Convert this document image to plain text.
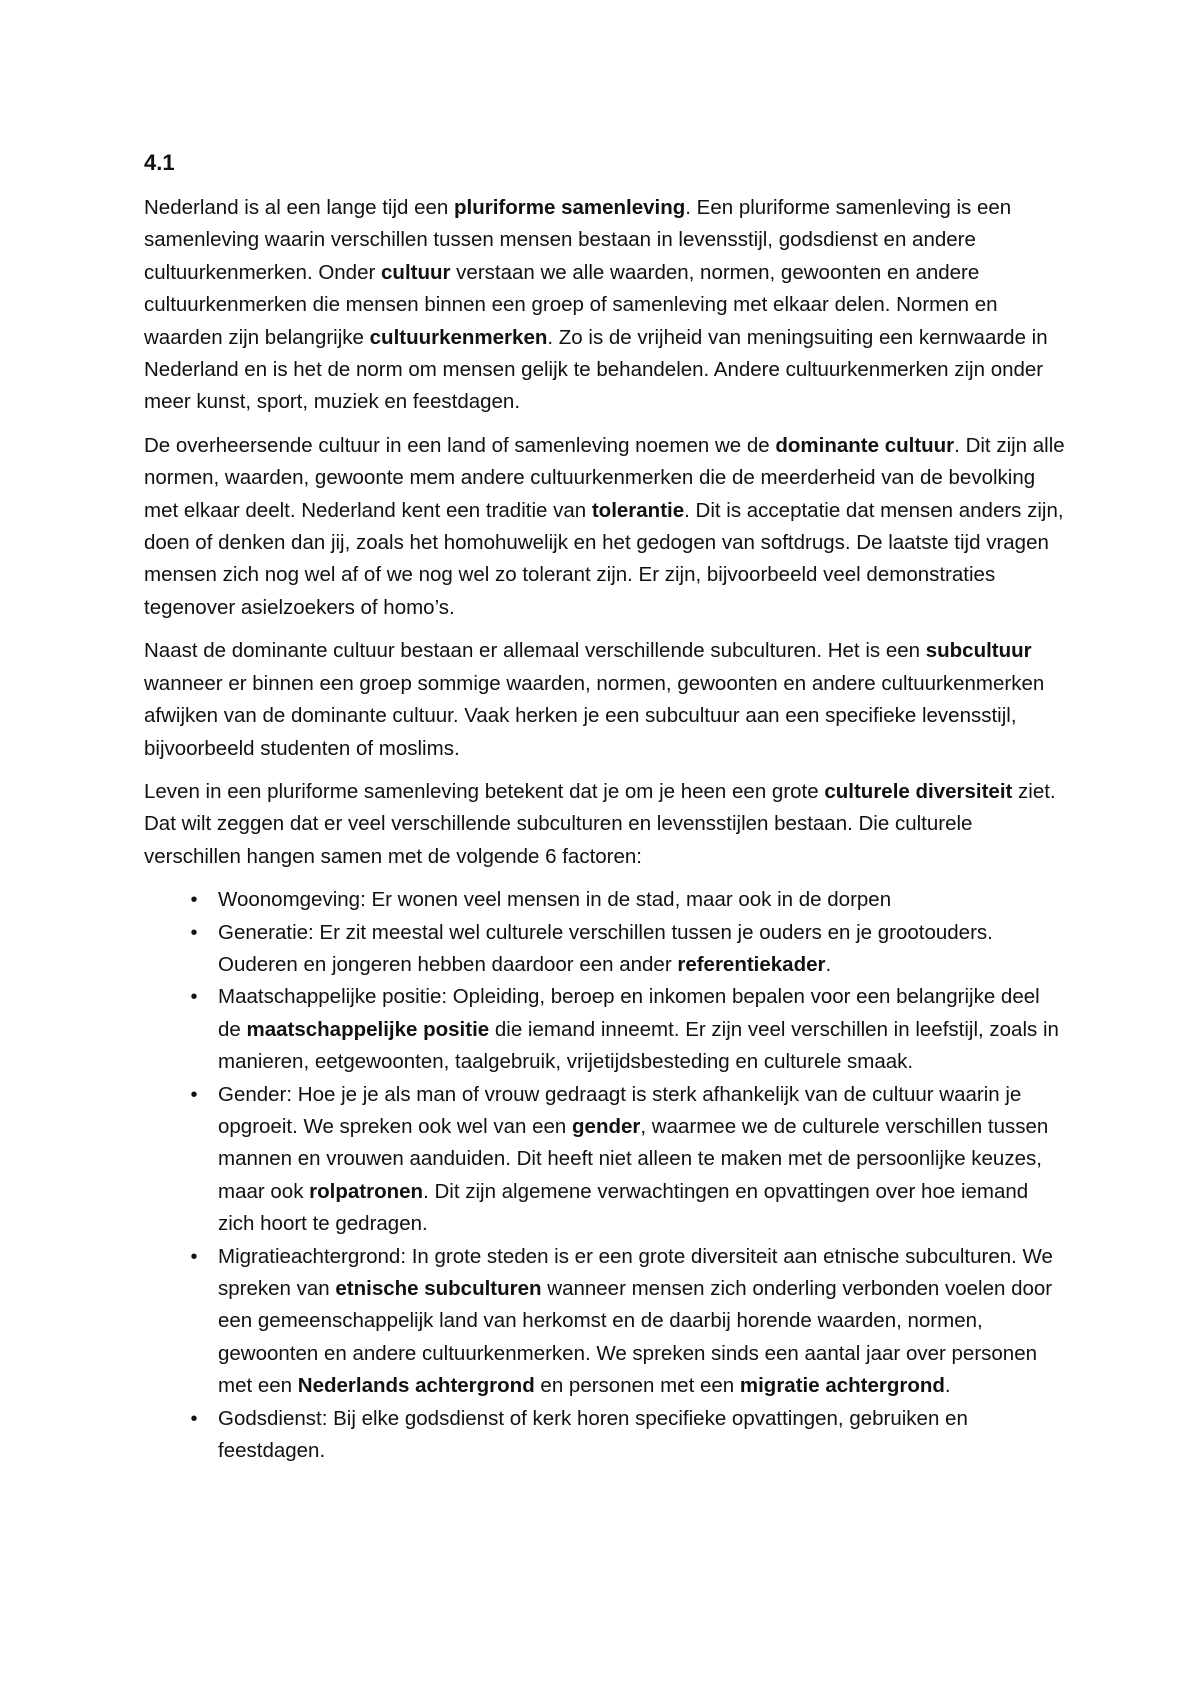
4.1

Nederland is al een lange tijd een pluriforme samenleving. Een pluriforme samenleving is een samenleving waarin verschillen tussen mensen bestaan in levensstijl, godsdienst en andere cultuurkenmerken. Onder cultuur verstaan we alle waarden, normen, gewoonten en andere cultuurkenmerken die mensen binnen een groep of samenleving met elkaar delen. Normen en waarden zijn belangrijke cultuurkenmerken. Zo is de vrijheid van meningsuiting een kernwaarde in Nederland en is het de norm om mensen gelijk te behandelen. Andere cultuurkenmerken zijn onder meer kunst, sport, muziek en feestdagen.

De overheersende cultuur in een land of samenleving noemen we de dominante cultuur. Dit zijn alle normen, waarden, gewoonte mem andere cultuurkenmerken die de meerderheid van de bevolking met elkaar deelt. Nederland kent een traditie van tolerantie. Dit is acceptatie dat mensen anders zijn, doen of denken dan jij, zoals het homohuwelijk en het gedogen van softdrugs. De laatste tijd vragen mensen zich nog wel af of we nog wel zo tolerant zijn. Er zijn, bijvoorbeeld veel demonstraties tegenover asielzoekers of homo’s.

Naast de dominante cultuur bestaan er allemaal verschillende subculturen. Het is een subcultuur wanneer er binnen een groep sommige waarden, normen, gewoonten en andere cultuurkenmerken afwijken van de dominante cultuur. Vaak herken je een subcultuur aan een specifieke levensstijl, bijvoorbeeld studenten of moslims.

Leven in een pluriforme samenleving betekent dat je om je heen een grote culturele diversiteit ziet. Dat wilt zeggen dat er veel verschillende subculturen en levensstijlen bestaan. Die culturele verschillen hangen samen met de volgende 6 factoren:

•	Woonomgeving: Er wonen veel mensen in de stad, maar ook in de dorpen
•	Generatie: Er zit meestal wel culturele verschillen tussen je ouders en je grootouders. Ouderen en jongeren hebben daardoor een ander referentiekader.
•	Maatschappelijke positie: Opleiding, beroep en inkomen bepalen voor een belangrijke deel de maatschappelijke positie die iemand inneemt. Er zijn veel verschillen in leefstijl, zoals in manieren, eetgewoonten, taalgebruik, vrijetijdsbesteding en culturele smaak.
•	Gender: Hoe je je als man of vrouw gedraagt is sterk afhankelijk van de cultuur waarin je opgroeit. We spreken ook wel van een gender, waarmee we de culturele verschillen tussen mannen en vrouwen aanduiden. Dit heeft niet alleen te maken met de persoonlijke keuzes, maar ook rolpatronen. Dit zijn algemene verwachtingen en opvattingen over hoe iemand zich hoort te gedragen.
•	Migratieachtergrond: In grote steden is er een grote diversiteit aan etnische subculturen. We spreken van etnische subculturen wanneer mensen zich onderling verbonden voelen door een gemeenschappelijk land van herkomst en de daarbij horende waarden, normen, gewoonten en andere cultuurkenmerken. We spreken sinds een aantal jaar over personen met een Nederlands achtergrond en personen met een migratie achtergrond.
•	Godsdienst: Bij elke godsdienst of kerk horen specifieke opvattingen, gebruiken en feestdagen.
